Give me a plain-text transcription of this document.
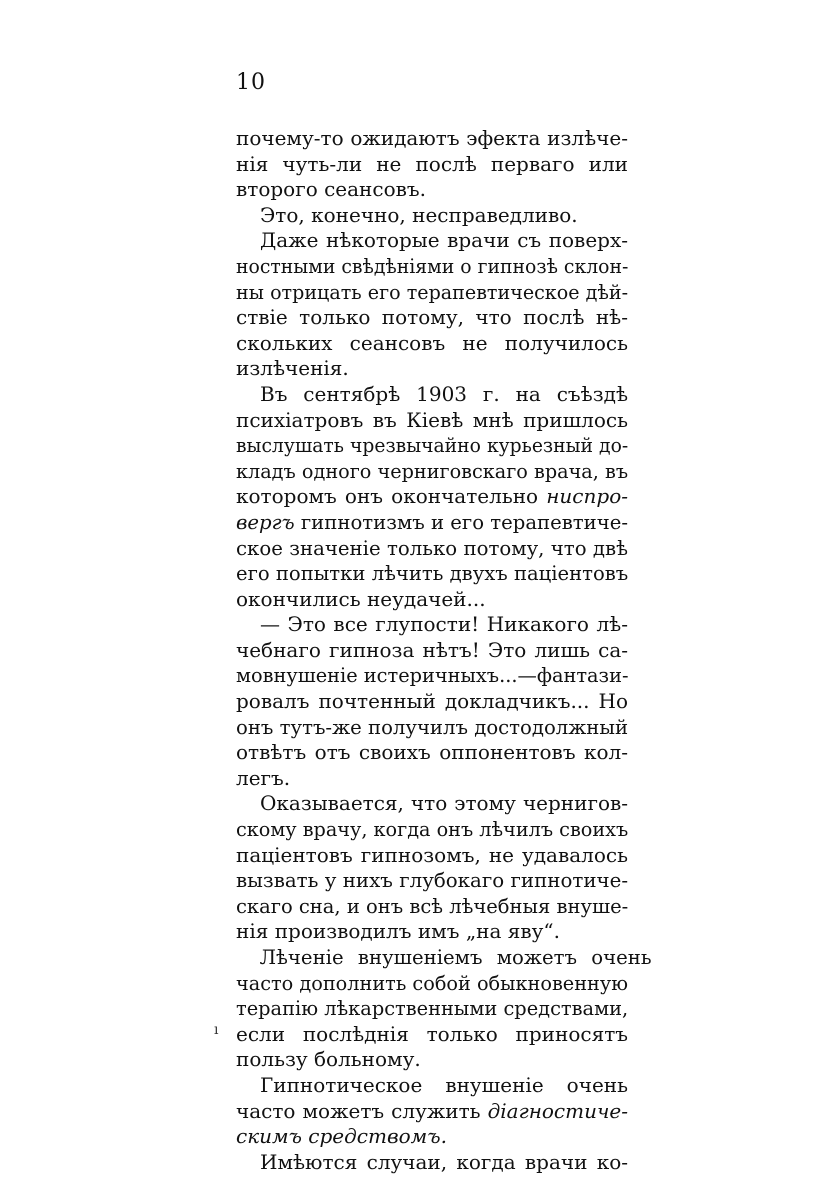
10
ı
почему-то ожидаютъ эфекта излѣче-
нія чуть-ли не послѣ перваго или
второго сеансовъ.
Это, конечно, несправедливо.
Даже нѣкоторые врачи съ поверх-
ностными свѣдѣніями о гипнозѣ склон-
ны отрицать его терапевтическое дѣй-
ствіе только потому, что послѣ нѣ-
скольких сеансовъ не получилось
излѣченія.
Въ сентябрѣ 1903 г. на съѣздѣ
психіатровъ въ Кіевѣ мнѣ пришлось
выслушать чрезвычайно курьезный до-
кладъ одного черниговскаго врача, въ
которомъ онъ окончательно ниспро-
вергъ гипнотизмъ и его терапевтиче-
ское значеніе только потому, что двѣ
его попытки лѣчить двухъ паціентовъ
окончились неудачей...
— Это все глупости! Никакого лѣ-
чебнаго гипноза нѣтъ! Это лишь са-
мовнушеніе истеричныхъ...—фантази-
ровалъ почтенный докладчикъ... Но
онъ тутъ-же получилъ достодолжный
отвѣтъ отъ своихъ оппонентовъ кол-
легъ.
Оказывается, что этому чернигов-
скому врачу, когда онъ лѣчилъ своихъ
паціентовъ гипнозомъ, не удавалось
вызвать у нихъ глубокаго гипнотиче-
скаго сна, и онъ всѣ лѣчебныя внуше-
нія производилъ имъ „на яву“.
Лѣченіе внушеніемъ можетъ очень
часто дополнить собой обыкновенную
терапію лѣкарственными средствами,
если послѣднія только приносятъ
пользу больному.
Гипнотическое внушеніе очень
часто можетъ служить діагностиче-
скимъ средствомъ.
Имѣются случаи, когда врачи ко-
